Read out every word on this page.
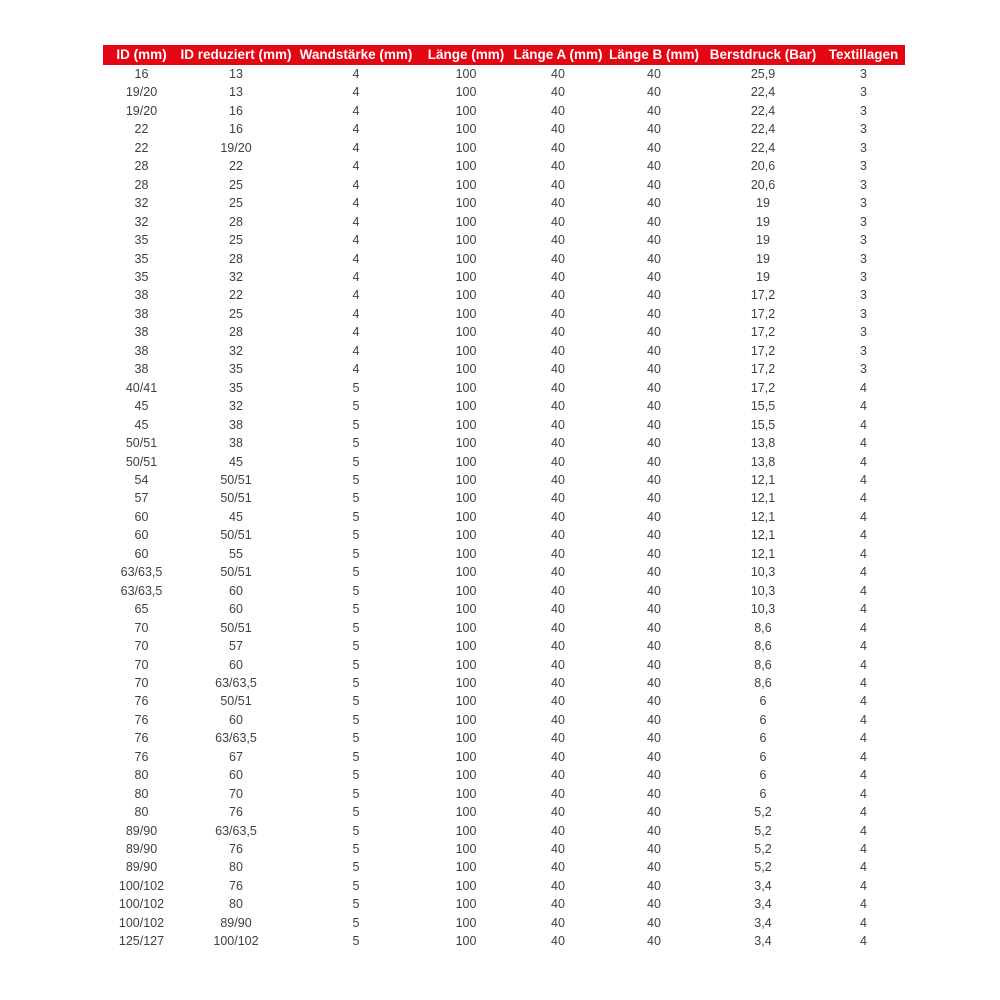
ID (mm)	ID reduziert (mm)	Wandstärke (mm)	Länge (mm)	Länge A (mm)	Länge B (mm)	Berstdruck (Bar)	Textillagen
16	13	4	100	40	40	25,9	3
19/20	13	4	100	40	40	22,4	3
19/20	16	4	100	40	40	22,4	3
22	16	4	100	40	40	22,4	3
22	19/20	4	100	40	40	22,4	3
28	22	4	100	40	40	20,6	3
28	25	4	100	40	40	20,6	3
32	25	4	100	40	40	19	3
32	28	4	100	40	40	19	3
35	25	4	100	40	40	19	3
35	28	4	100	40	40	19	3
35	32	4	100	40	40	19	3
38	22	4	100	40	40	17,2	3
38	25	4	100	40	40	17,2	3
38	28	4	100	40	40	17,2	3
38	32	4	100	40	40	17,2	3
38	35	4	100	40	40	17,2	3
40/41	35	5	100	40	40	17,2	4
45	32	5	100	40	40	15,5	4
45	38	5	100	40	40	15,5	4
50/51	38	5	100	40	40	13,8	4
50/51	45	5	100	40	40	13,8	4
54	50/51	5	100	40	40	12,1	4
57	50/51	5	100	40	40	12,1	4
60	45	5	100	40	40	12,1	4
60	50/51	5	100	40	40	12,1	4
60	55	5	100	40	40	12,1	4
63/63,5	50/51	5	100	40	40	10,3	4
63/63,5	60	5	100	40	40	10,3	4
65	60	5	100	40	40	10,3	4
70	50/51	5	100	40	40	8,6	4
70	57	5	100	40	40	8,6	4
70	60	5	100	40	40	8,6	4
70	63/63,5	5	100	40	40	8,6	4
76	50/51	5	100	40	40	6	4
76	60	5	100	40	40	6	4
76	63/63,5	5	100	40	40	6	4
76	67	5	100	40	40	6	4
80	60	5	100	40	40	6	4
80	70	5	100	40	40	6	4
80	76	5	100	40	40	5,2	4
89/90	63/63,5	5	100	40	40	5,2	4
89/90	76	5	100	40	40	5,2	4
89/90	80	5	100	40	40	5,2	4
100/102	76	5	100	40	40	3,4	4
100/102	80	5	100	40	40	3,4	4
100/102	89/90	5	100	40	40	3,4	4
125/127	100/102	5	100	40	40	3,4	4
